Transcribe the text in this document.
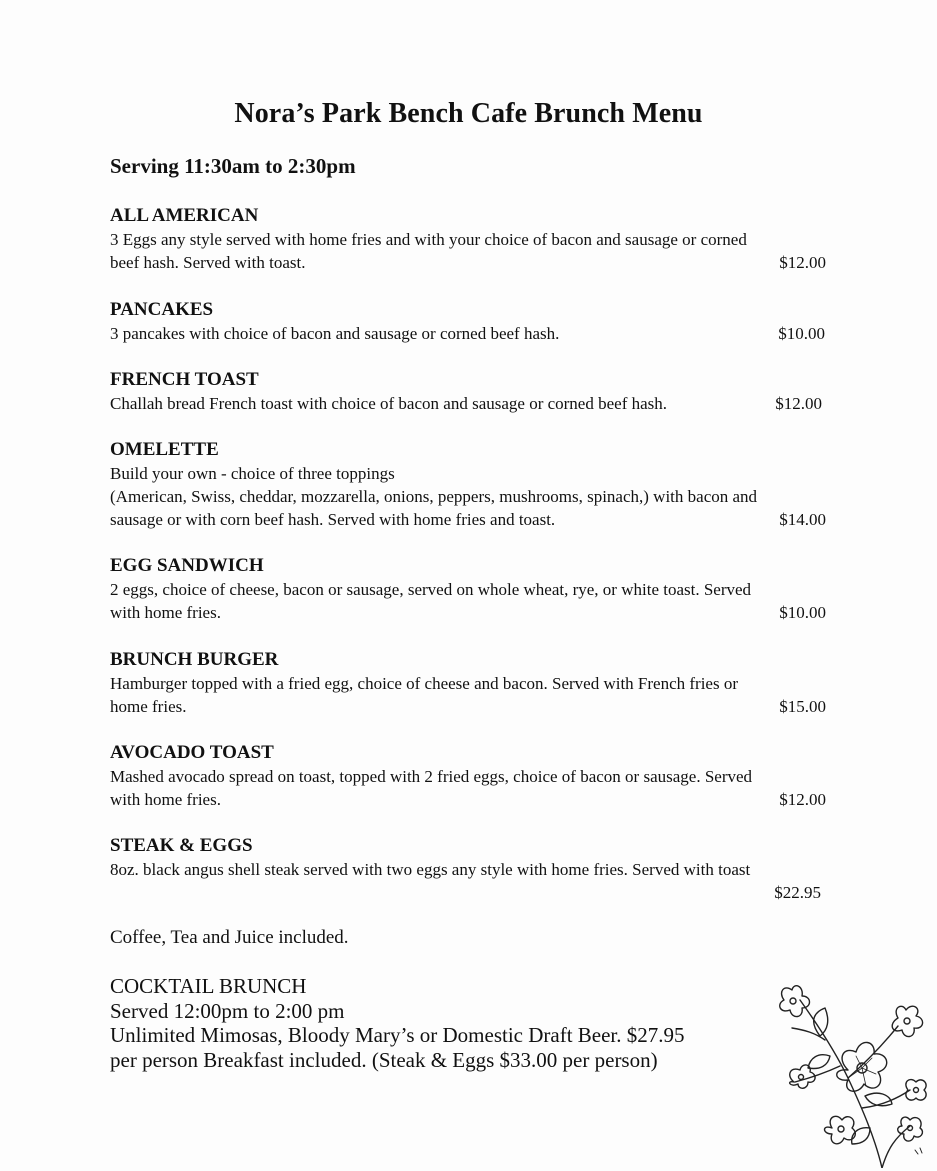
Nora’s Park Bench Cafe Brunch Menu
Serving 11:30am to 2:30pm
ALL AMERICAN
3 Eggs any style served with home fries and with your choice of bacon and sausage or corned
beef hash. Served with toast.	$12.00
PANCAKES
3 pancakes with choice of bacon and sausage or corned beef hash.	$10.00
FRENCH TOAST
Challah bread French toast with choice of bacon and sausage or corned beef hash.	$12.00
OMELETTE
Build your own - choice of three toppings
(American, Swiss, cheddar, mozzarella, onions, peppers, mushrooms, spinach,) with bacon and
sausage or with corn beef hash. Served with home fries and toast.	$14.00
EGG SANDWICH
2 eggs, choice of cheese, bacon or sausage, served on whole wheat, rye, or white toast. Served
with home fries.	$10.00
BRUNCH BURGER
Hamburger topped with a fried egg, choice of cheese and bacon. Served with French fries or
home fries.	$15.00
AVOCADO TOAST
Mashed avocado spread on toast, topped with 2 fried eggs, choice of bacon or sausage. Served
with home fries.	$12.00
STEAK & EGGS
8oz. black angus shell steak served with two eggs any style with home fries. Served with toast
$22.95
Coffee, Tea and Juice included.
COCKTAIL BRUNCH
Served 12:00pm to 2:00 pm
Unlimited Mimosas, Bloody Mary’s or Domestic Draft Beer. $27.95
per person Breakfast included. (Steak & Eggs $33.00 per person)
